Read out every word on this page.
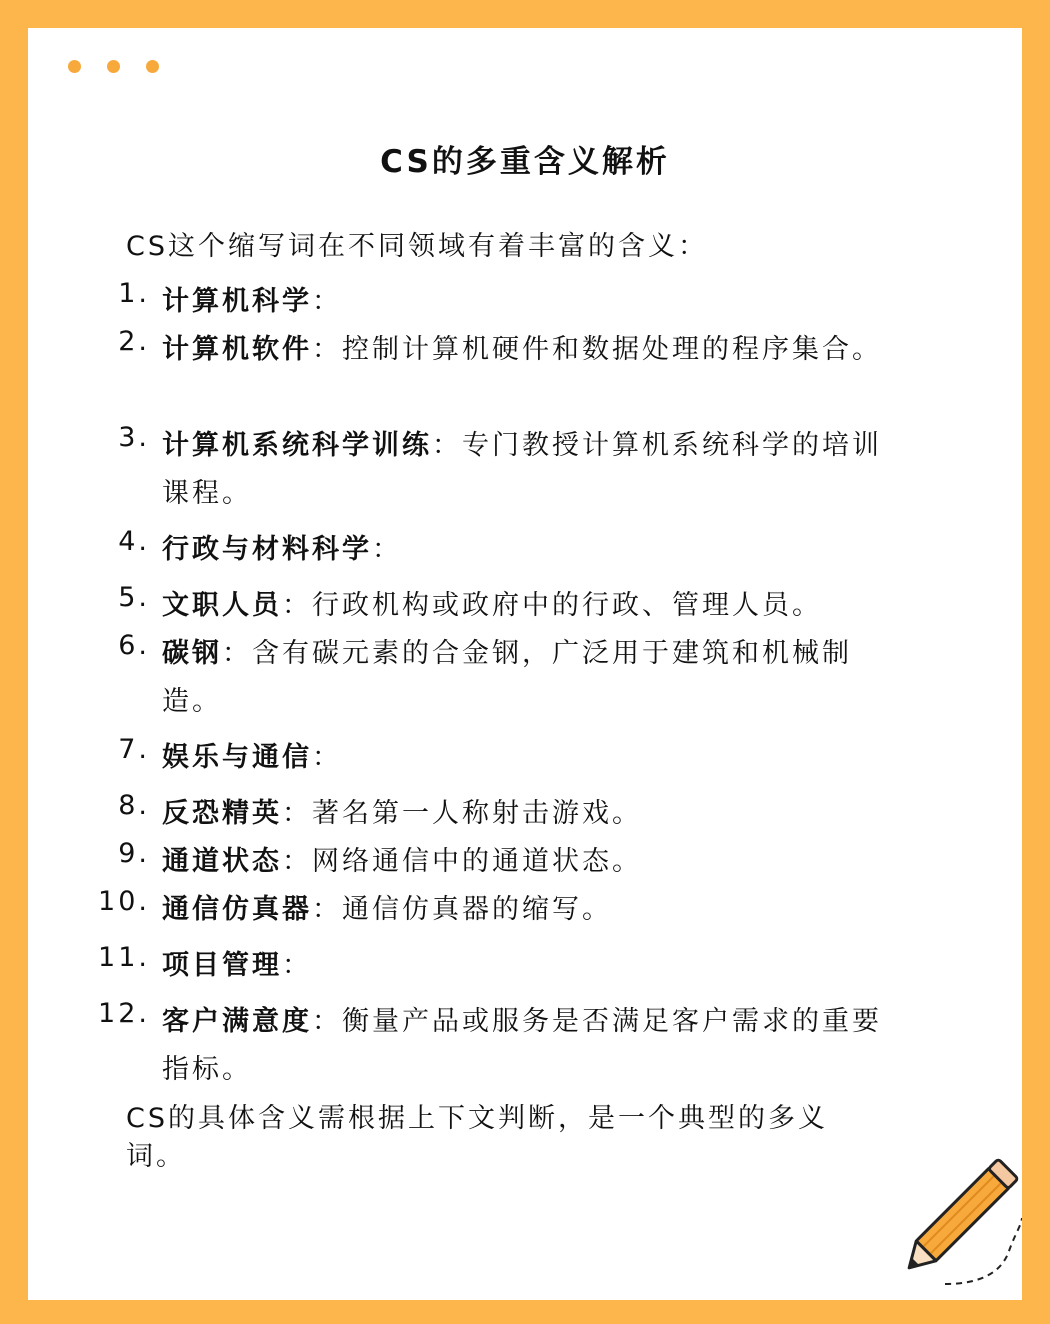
CS的多重含义解析
CS这个缩写词在不同领域有着丰富的含义：
1. 计算机科学：
2. 计算机软件：控制计算机硬件和数据处理的程序集合。
3. 计算机系统科学训练：专门教授计算机系统科学的培训课程。
4. 行政与材料科学：
5. 文职人员：行政机构或政府中的行政、管理人员。
6. 碳钢：含有碳元素的合金钢，广泛用于建筑和机械制造。
7. 娱乐与通信：
8. 反恐精英：著名第一人称射击游戏。
9. 通道状态：网络通信中的通道状态。
10. 通信仿真器：通信仿真器的缩写。
11. 项目管理：
12. 客户满意度：衡量产品或服务是否满足客户需求的重要指标。
CS的具体含义需根据上下文判断，是一个典型的多义词。
